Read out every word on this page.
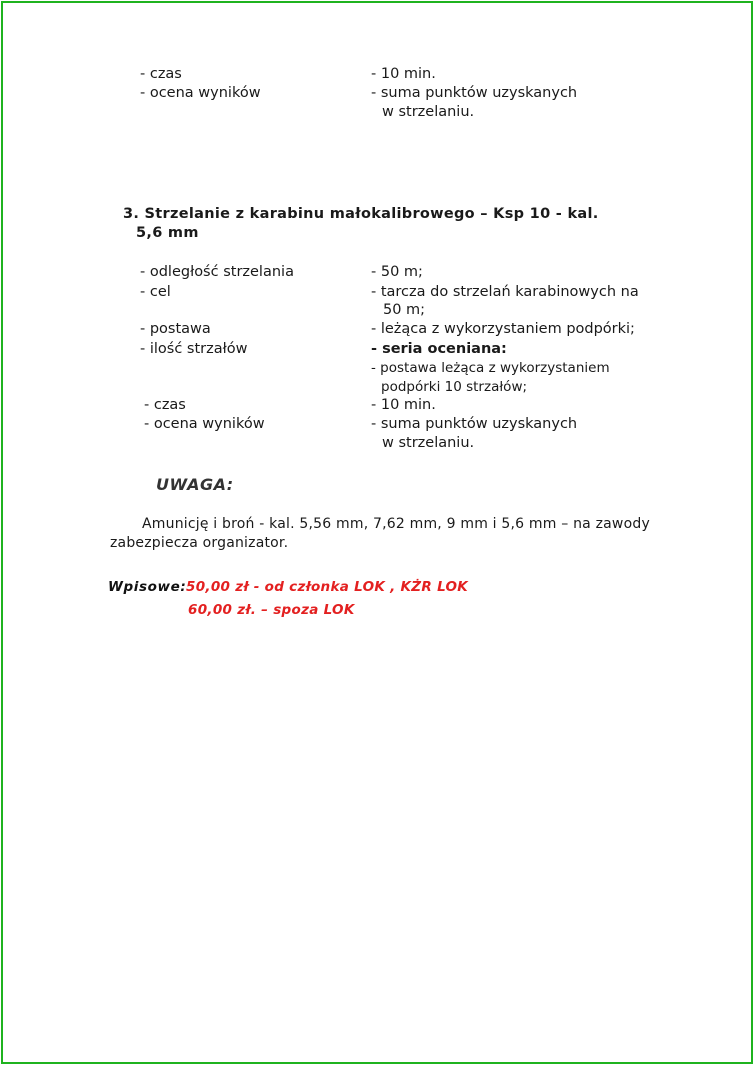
- czas	- 10 min.
- ocena wyników	- suma punktów uzyskanych
w strzelaniu.
3. Strzelanie z karabinu małokalibrowego – Ksp 10 - kal.
5,6 mm
- odległość strzelania	- 50 m;
- cel	- tarcza do strzelań karabinowych na
50 m;
- postawa	- leżąca z wykorzystaniem podpórki;
- ilość strzałów	- seria oceniana:
- postawa leżąca z wykorzystaniem
podpórki 10 strzałów;
- czas	- 10 min.
- ocena wyników	- suma punktów uzyskanych
w strzelaniu.
UWAGA:
Amunicję i broń - kal. 5,56 mm, 7,62 mm, 9 mm i 5,6 mm – na zawody
zabezpiecza organizator.
Wpisowe: 50,00 zł - od członka LOK , KŻR LOK
60,00 zł. – spoza LOK
